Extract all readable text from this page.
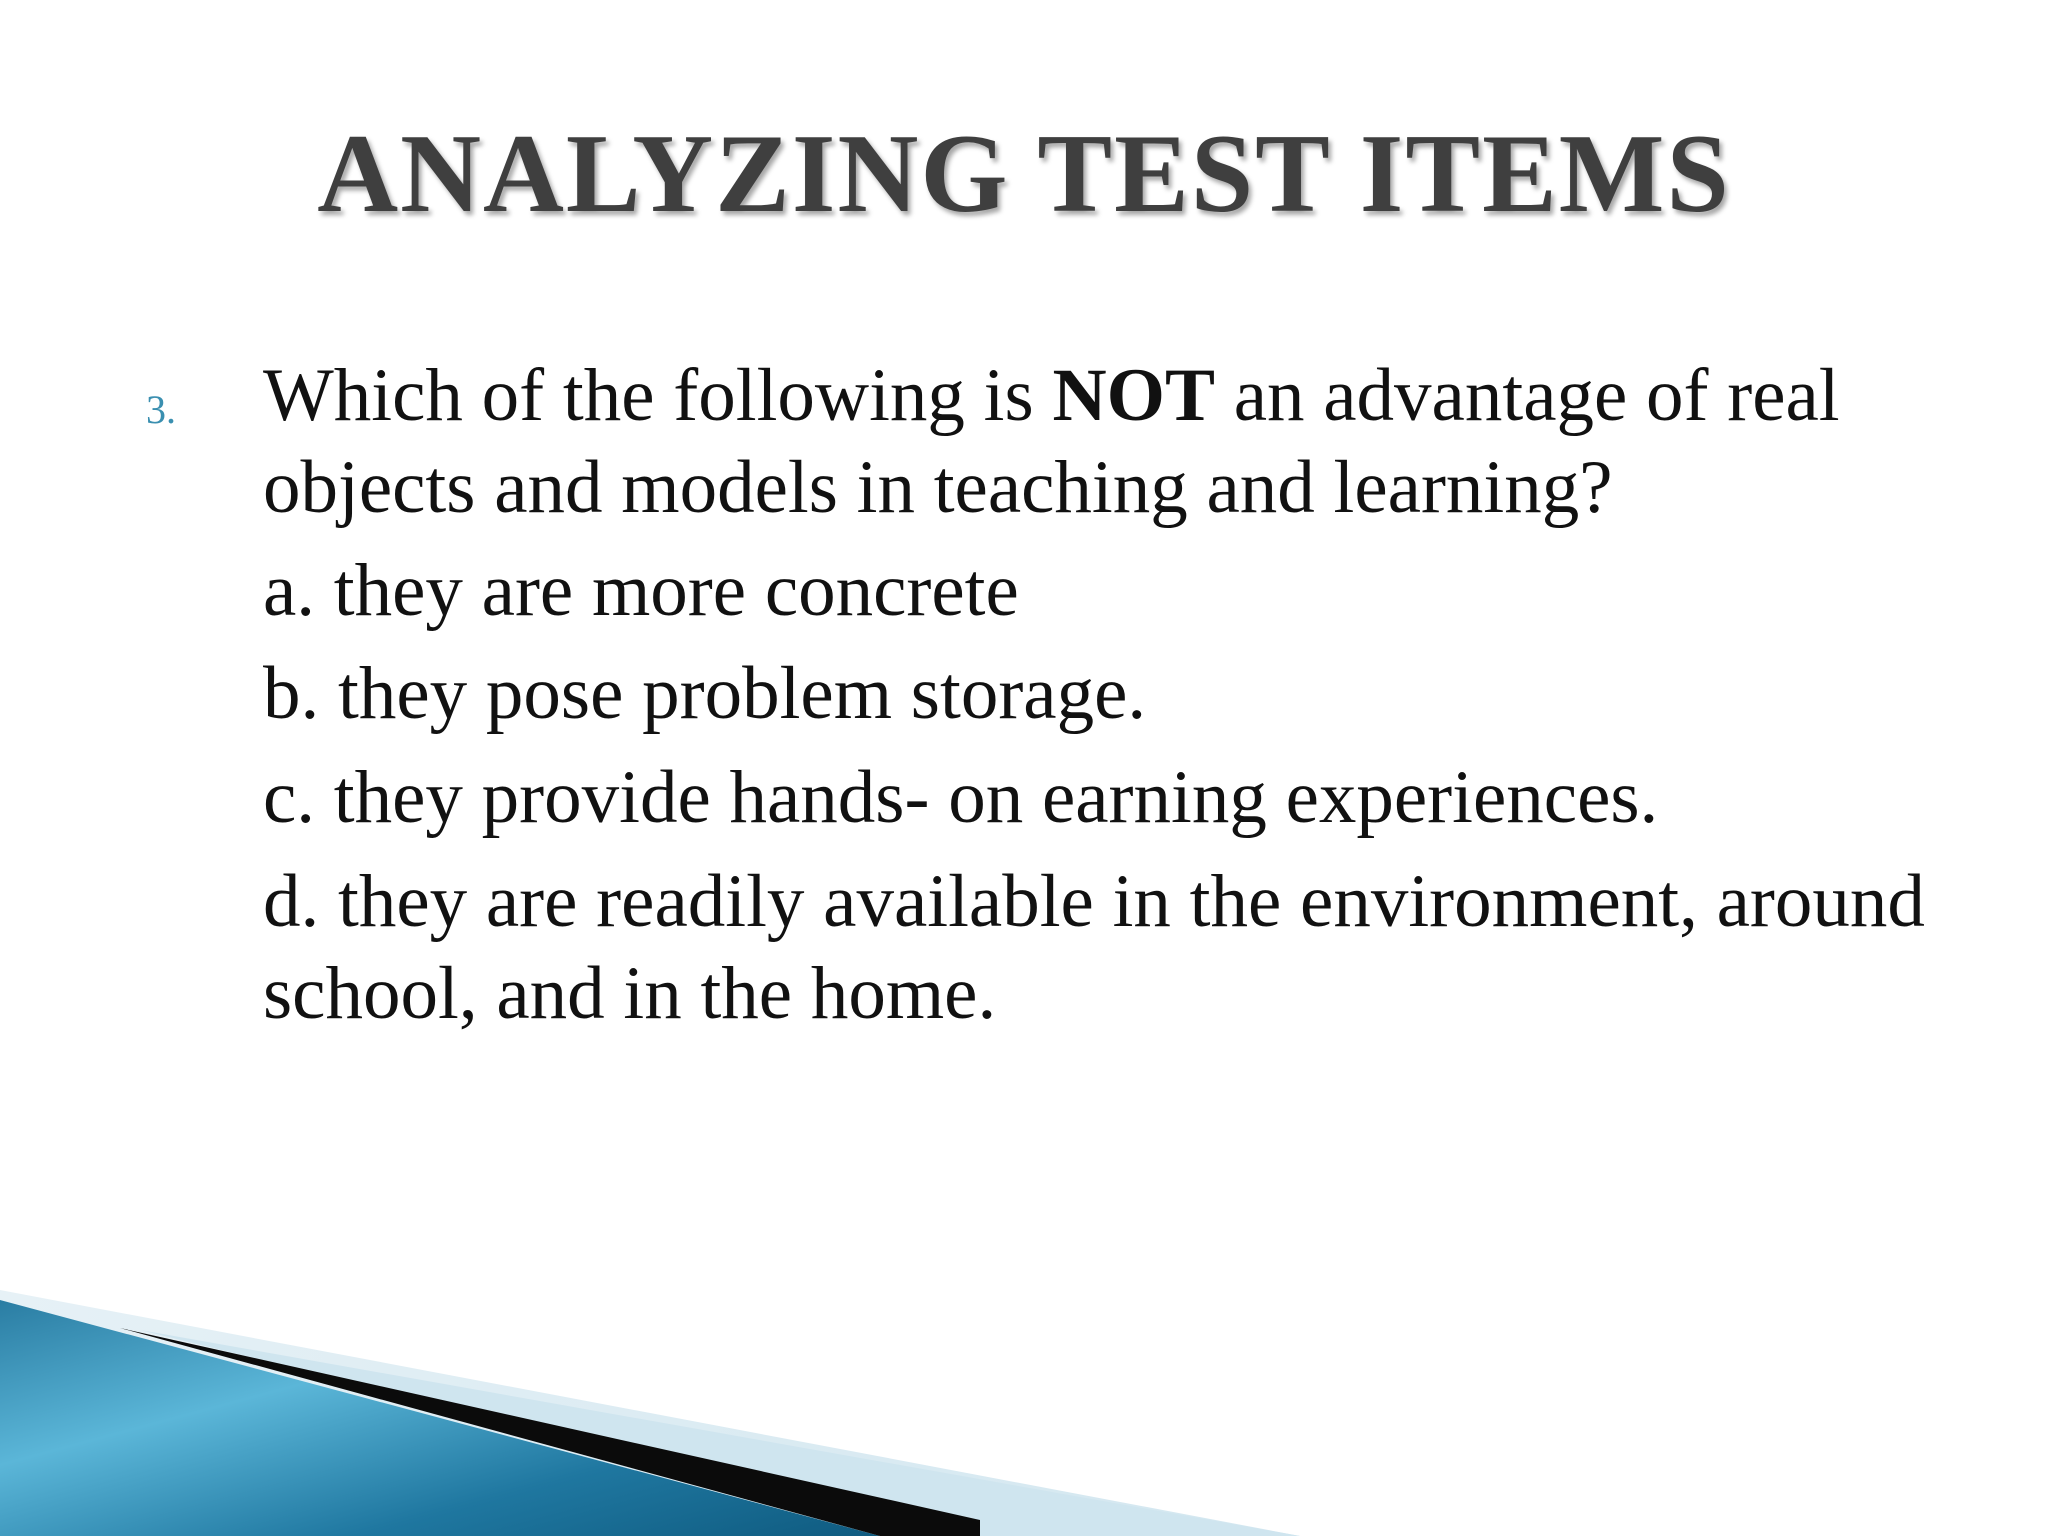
ANALYZING TEST ITEMS
3. Which of the following is NOT an advantage of real objects and models in teaching and learning?
a. they are more concrete
b. they pose problem storage.
c. they provide hands- on earning experiences.
d. they are readily available in the environment, around school, and in the home.
